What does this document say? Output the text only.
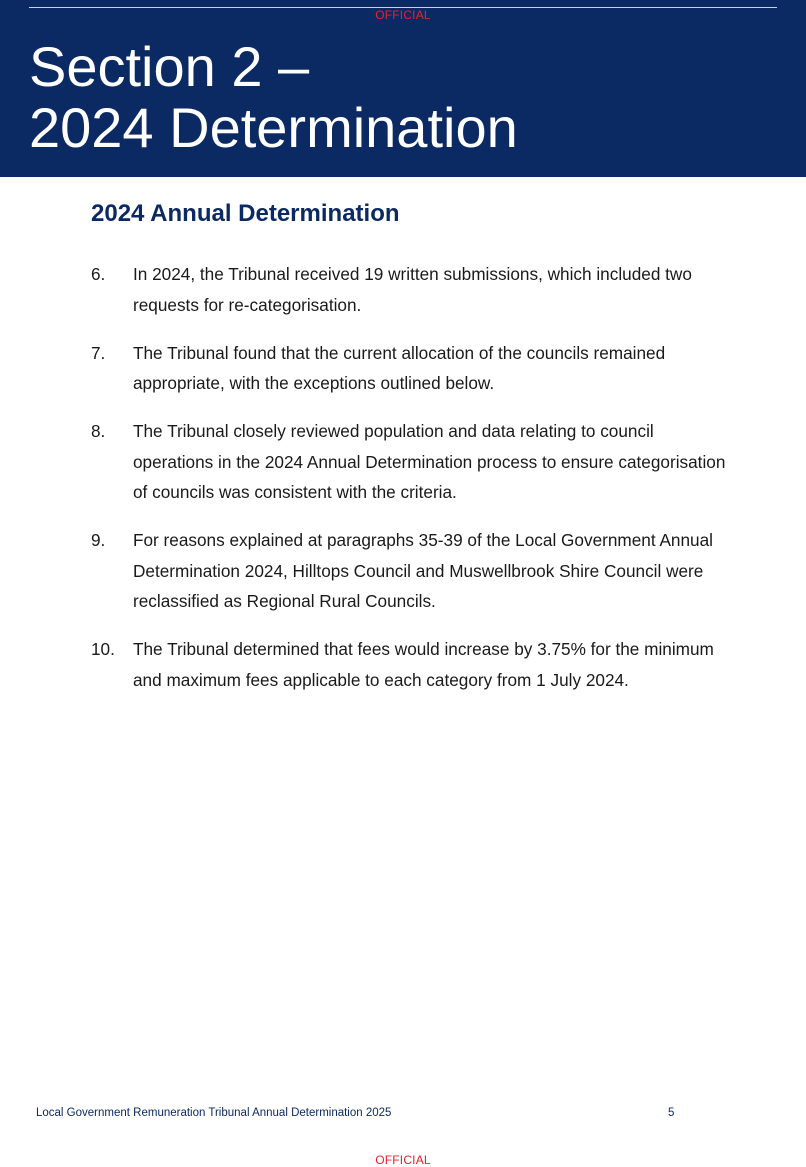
OFFICIAL
Section 2 –
2024 Determination
2024 Annual Determination
6. In 2024, the Tribunal received 19 written submissions, which included two requests for re-categorisation.
7. The Tribunal found that the current allocation of the councils remained appropriate, with the exceptions outlined below.
8. The Tribunal closely reviewed population and data relating to council operations in the 2024 Annual Determination process to ensure categorisation of councils was consistent with the criteria.
9. For reasons explained at paragraphs 35-39 of the Local Government Annual Determination 2024, Hilltops Council and Muswellbrook Shire Council were reclassified as Regional Rural Councils.
10. The Tribunal determined that fees would increase by 3.75% for the minimum and maximum fees applicable to each category from 1 July 2024.
Local Government Remuneration Tribunal Annual Determination 2025	5
OFFICIAL
